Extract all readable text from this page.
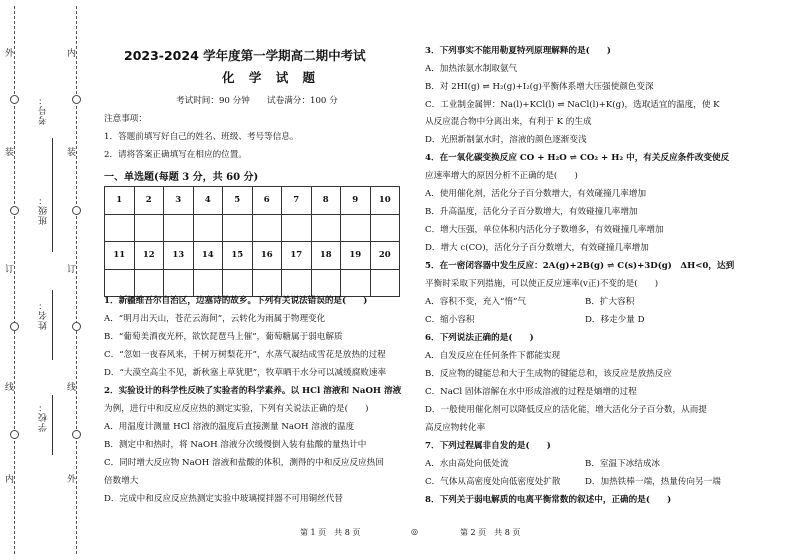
外
装
订
线
内
内
装
订
线
外
学校：
姓名：
班级：
考号：
2023-2024 学年度第一学期高二期中考试
化 学 试 题
考试时间：90 分钟　　试卷满分：100 分
注意事项：
1．答题前填写好自己的姓名、班级、考号等信息。
2．请将答案正确填写在相应的位置。
一、单选题(每题 3 分，共 60 分)
1	2	3	4	5	6	7	8	9	10

11	12	13	14	15	16	17	18	19	20

1．新疆维吾尔自治区，边塞诗的故乡。下列有关说法错误的是(　　)
A．“明月出天山，苍茫云海间”，云转化为雨属于物理变化
B．“葡萄美酒夜光杯，欲饮琵琶马上催”，葡萄糖属于弱电解质
C．“忽如一夜春风来，千树万树梨花开”，水蒸气凝结成雪花是放热的过程
D．“大漠空高尘不见，新秋塞上草犹肥”，牧草晒干水分可以减缓腐败速率
2．实验设计的科学性反映了实验者的科学素养。以 HCl 溶液和 NaOH 溶液
为例，进行中和反应反应热的测定实验，下列有关说法正确的是(　　)
A．用温度计测量 HCl 溶液的温度后直接测量 NaOH 溶液的温度
B．测定中和热时，将 NaOH 溶液分次缓慢倒入装有盐酸的量热计中
C．同时增大反应物 NaOH 溶液和盐酸的体积，测得的中和反应反应热回
倍数增大
D．完成中和反应反应热测定实验中玻璃搅拌器不可用铜丝代替
3．下列事实不能用勒夏特列原理解释的是(　　)
A．加热浓氨水制取氨气
B．对 2HI(g) ⇌ H₂(g)+I₂(g)平衡体系增大压强使颜色变深
C．工业制金属钾：Na(l)+KCl(l) ⇌ NaCl(l)+K(g)，选取适宜的温度，使 K
从反应混合物中分离出来，有利于 K 的生成
D．光照新制氯水时，溶液的颜色逐渐变浅
4．在一氧化碳变换反应 CO + H₂O ⇌ CO₂ + H₂ 中，有关反应条件改变使反
应速率增大的原因分析不正确的是(　　)
A．使用催化剂，活化分子百分数增大，有效碰撞几率增加
B．升高温度，活化分子百分数增大，有效碰撞几率增加
C．增大压强，单位体积内活化分子数增多，有效碰撞几率增加
D．增大 c(CO)，活化分子百分数增大，有效碰撞几率增加
5．在一密闭容器中发生反应：2A(g)+2B(g) ⇌ C(s)+3D(g)　ΔH<0，达到
平衡时采取下列措施，可以使正反应速率(v正)不变的是(　　)
A．容积不变，充入“惰”气	B．扩大容积
C．缩小容积	D．移走少量 D
6．下列说法正确的是(　　)
A．自发反应在任何条件下都能实现
B．反应物的键能总和大于生成物的键能总和，该反应是放热反应
C．NaCl 固体溶解在水中形成溶液的过程是熵增的过程
D．一般使用催化剂可以降低反应的活化能，增大活化分子百分数，从而提
高反应物转化率
7．下列过程属非自发的是(　　)
A．水由高处向低处流	B．室温下冰结成冰
C．气体从高密度处向低密度处扩散	D．加热铁棒一端，热量传向另一端
8．下列关于弱电解质的电离平衡常数的叙述中，正确的是(　　)
第 1 页　共 8 页	◎	第 2 页　共 8 页
